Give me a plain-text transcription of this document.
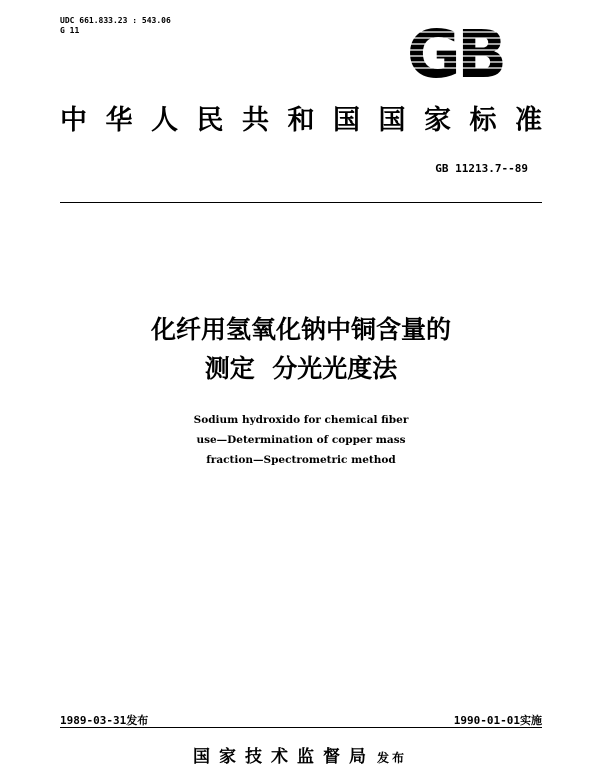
UDC 661.833.23 : 543.06
G 11	GB
中华人民共和国国家标准
GB 11213.7--89
化纤用氢氧化钠中铜含量的
测定  分光光度法
Sodium hydroxido for chemical fiber
use—Determination of copper mass
fraction—Spectrometric method
1989-03-31发布	1990-01-01实施
国家技术监督局 发布
